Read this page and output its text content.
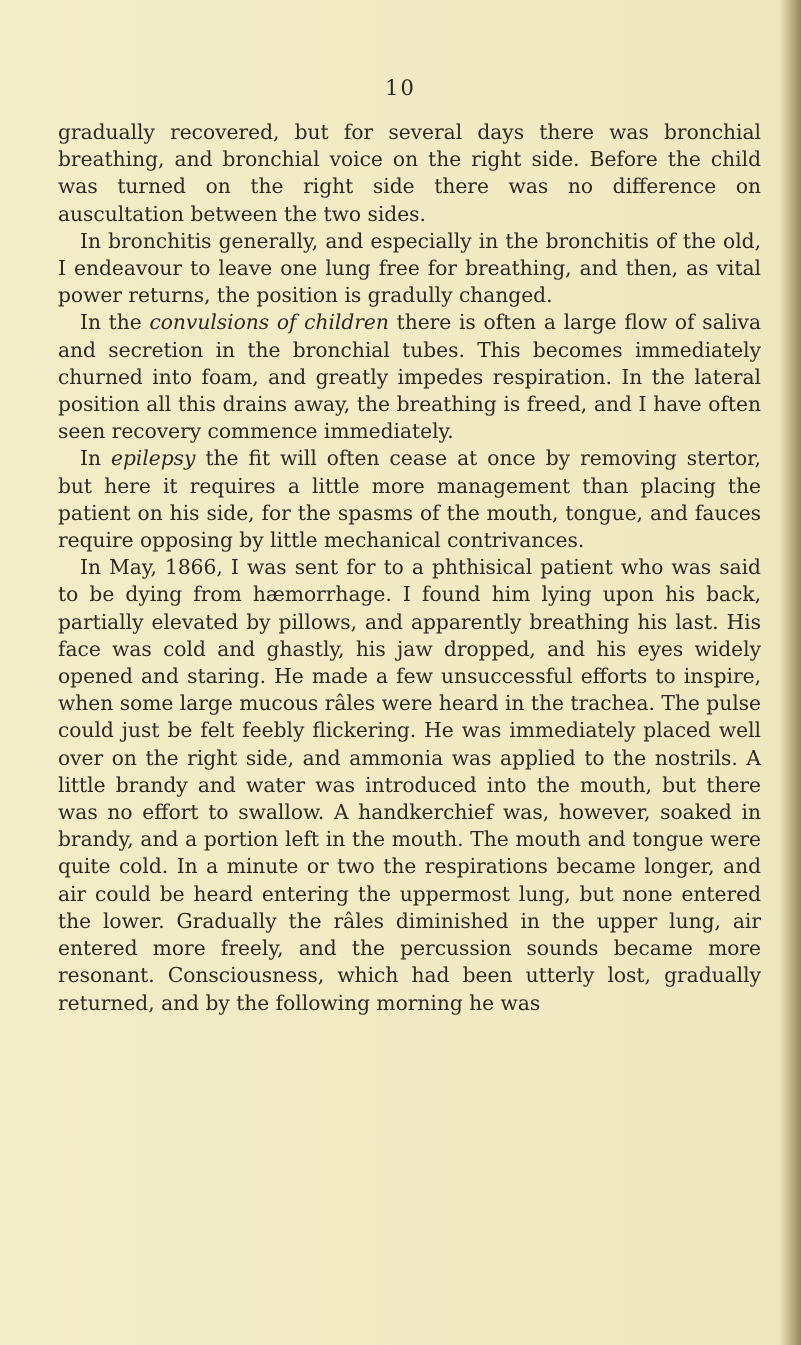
10

gradually recovered, but for several days there was bronchial breathing, and bronchial voice on the right side. Before the child was turned on the right side there was no difference on auscultation between the two sides.

In bronchitis generally, and especially in the bronchitis of the old, I endeavour to leave one lung free for breathing, and then, as vital power returns, the position is gradully changed.

In the convulsions of children there is often a large flow of saliva and secretion in the bronchial tubes. This becomes immediately churned into foam, and greatly impedes respiration. In the lateral position all this drains away, the breathing is freed, and I have often seen recovery commence immediately.

In epilepsy the fit will often cease at once by removing stertor, but here it requires a little more management than placing the patient on his side, for the spasms of the mouth, tongue, and fauces require opposing by little mechanical contrivances.

In May, 1866, I was sent for to a phthisical patient who was said to be dying from hæmorrhage. I found him lying upon his back, partially elevated by pillows, and apparently breathing his last. His face was cold and ghastly, his jaw dropped, and his eyes widely opened and staring. He made a few unsuccessful efforts to inspire, when some large mucous râles were heard in the trachea. The pulse could just be felt feebly flickering. He was immediately placed well over on the right side, and ammonia was applied to the nostrils. A little brandy and water was introduced into the mouth, but there was no effort to swallow. A handkerchief was, however, soaked in brandy, and a portion left in the mouth. The mouth and tongue were quite cold. In a minute or two the respirations became longer, and air could be heard entering the uppermost lung, but none entered the lower. Gradually the râles diminished in the upper lung, air entered more freely, and the percussion sounds became more resonant. Consciousness, which had been utterly lost, gradually returned, and by the following morning he was
